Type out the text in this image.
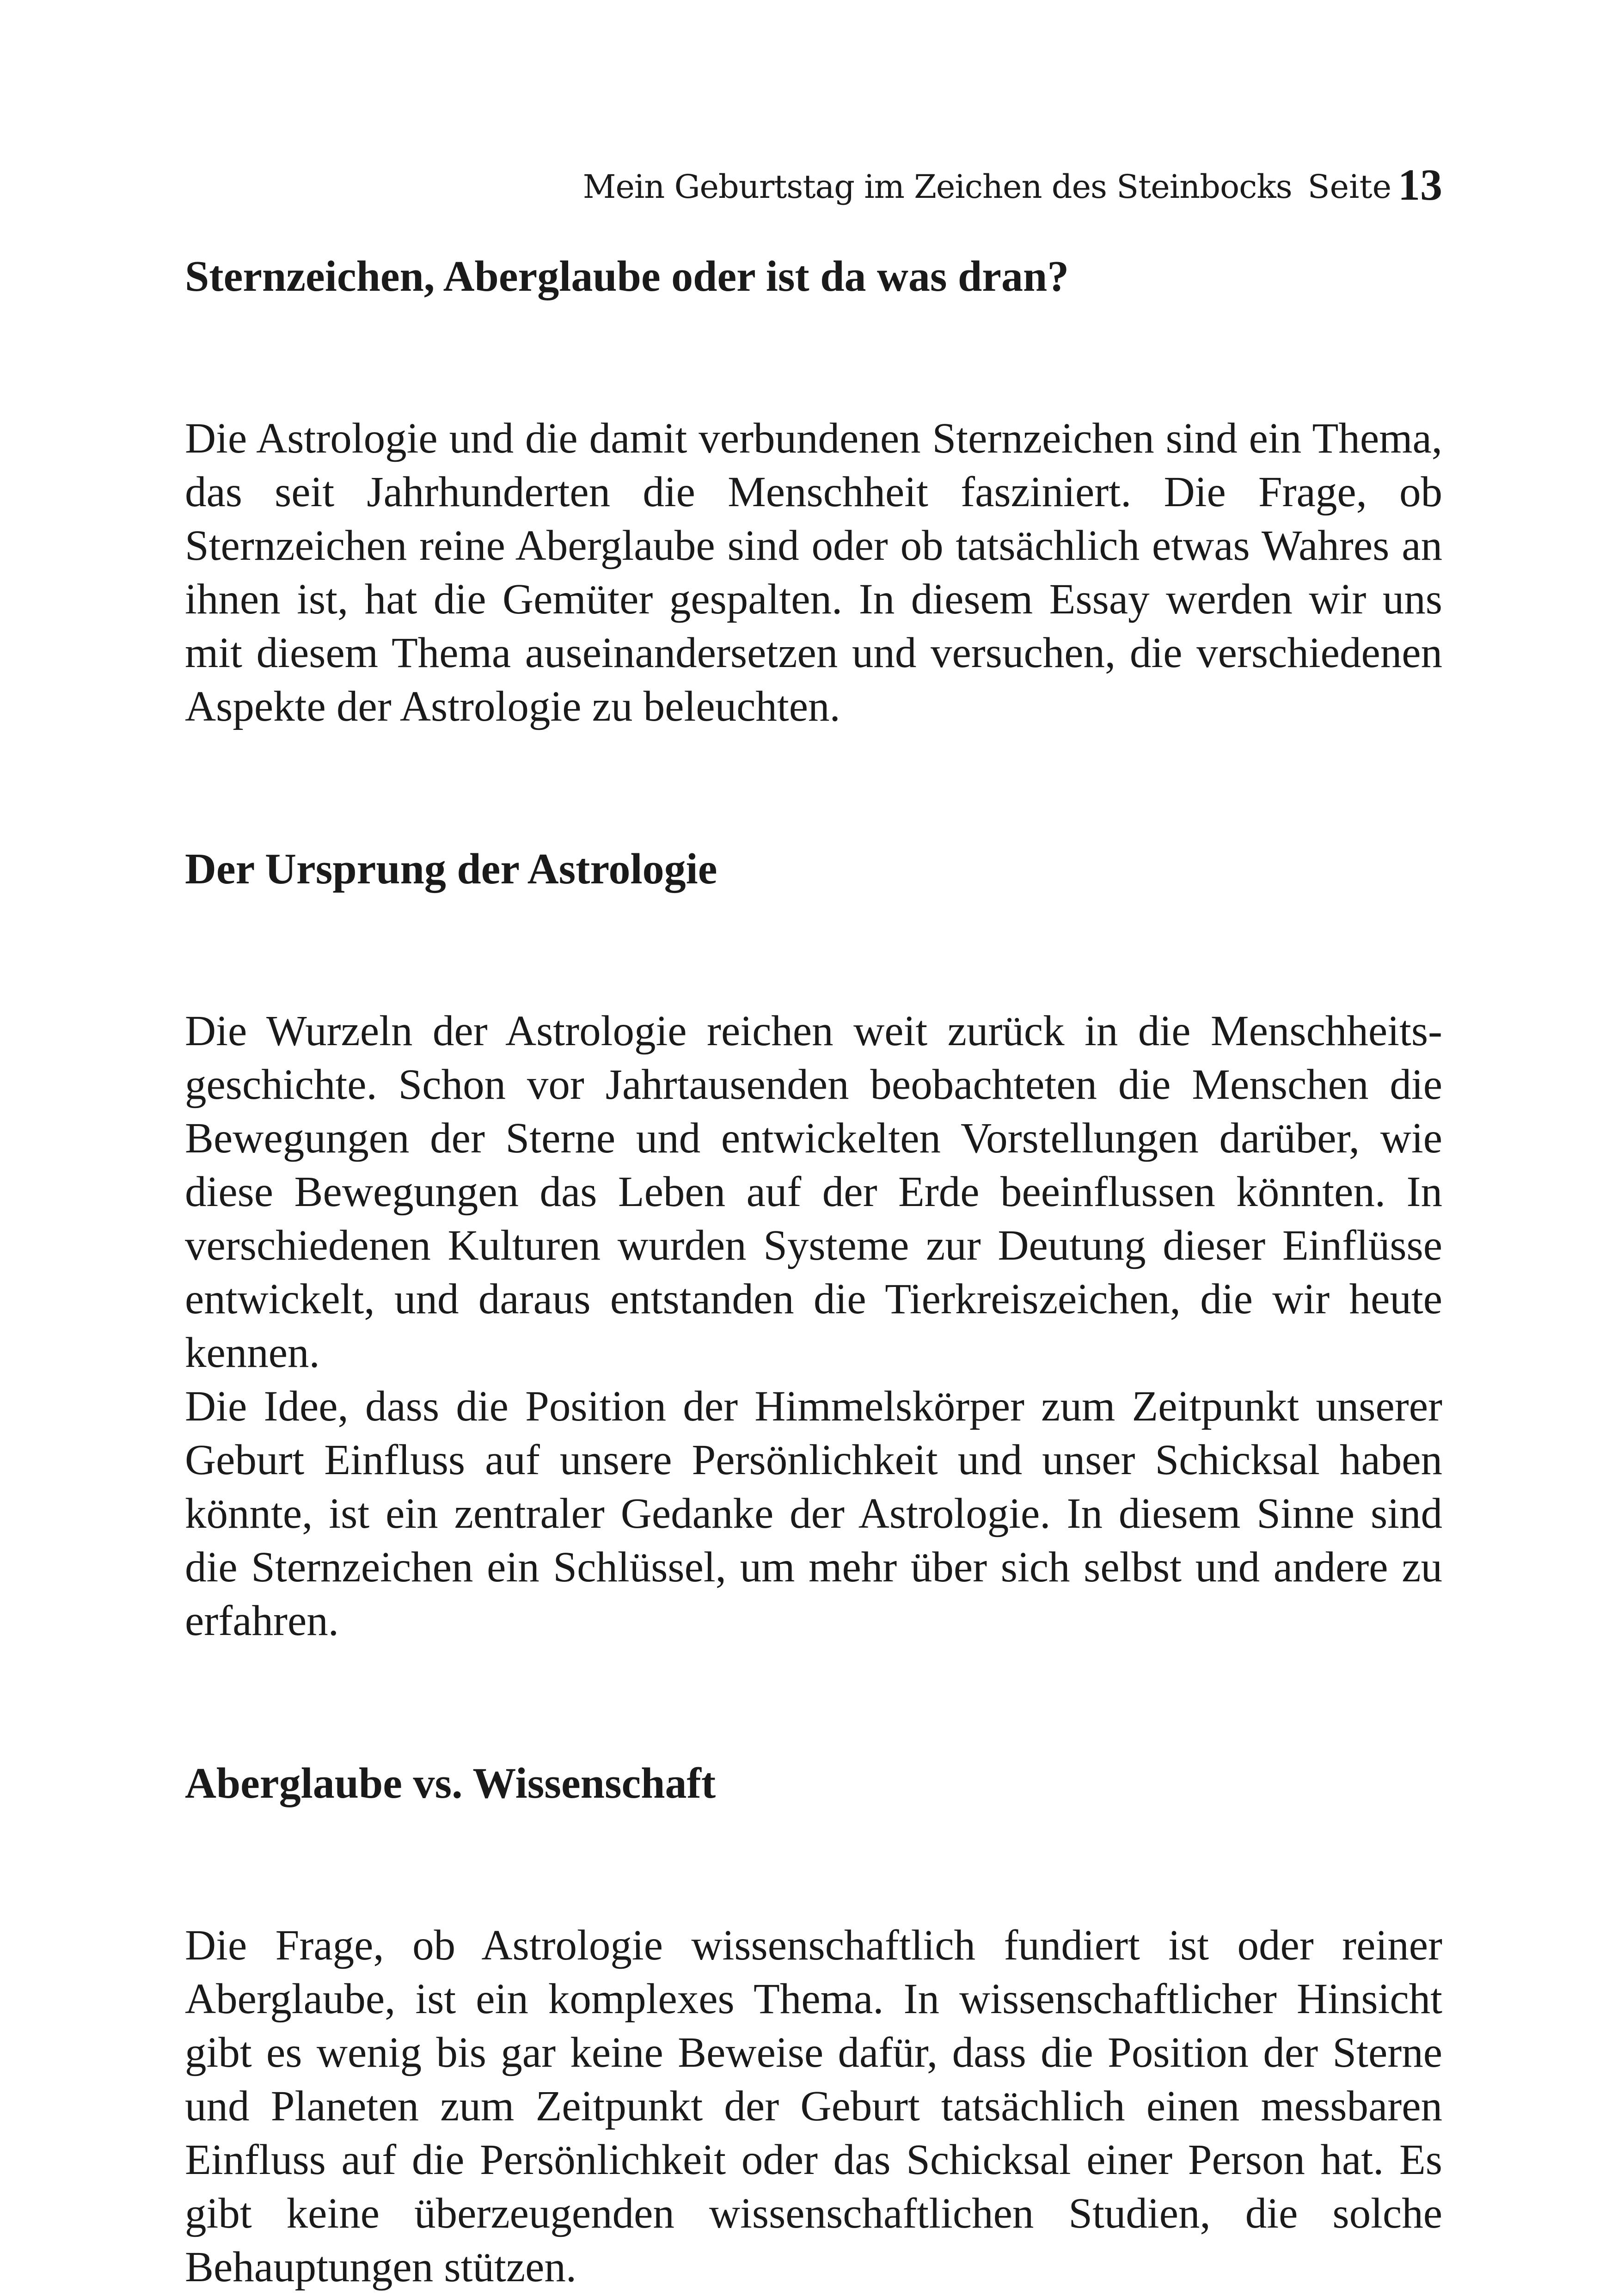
Mein Geburtstag im Zeichen des Steinbocks Seite 13
Sternzeichen, Aberglaube oder ist da was dran?

Die Astrologie und die damit verbundenen Sternzeichen sind ein Thema, das seit Jahrhunderten die Menschheit fasziniert. Die Frage, ob Sternzeichen reine Aberglaube sind oder ob tatsächlich etwas Wahres an ihnen ist, hat die Gemüter gespalten. In diesem Essay werden wir uns mit diesem Thema auseinandersetzen und versuchen, die verschiedenen Aspekte der Astrologie zu beleuchten.

Der Ursprung der Astrologie

Die Wurzeln der Astrologie reichen weit zurück in die Menschheitsgeschichte. Schon vor Jahrtausenden beobachteten die Menschen die Bewegungen der Sterne und entwickelten Vorstellungen darüber, wie diese Bewegungen das Leben auf der Erde beeinflussen könnten. In verschiedenen Kulturen wurden Systeme zur Deutung dieser Einflüsse entwickelt, und daraus entstanden die Tierkreiszeichen, die wir heute kennen.

Die Idee, dass die Position der Himmelskörper zum Zeitpunkt unserer Geburt Einfluss auf unsere Persönlichkeit und unser Schicksal haben könnte, ist ein zentraler Gedanke der Astrologie. In diesem Sinne sind die Sternzeichen ein Schlüssel, um mehr über sich selbst und andere zu erfahren.

Aberglaube vs. Wissenschaft

Die Frage, ob Astrologie wissenschaftlich fundiert ist oder reiner Aberglaube, ist ein komplexes Thema. In wissenschaftlicher Hinsicht gibt es wenig bis gar keine Beweise dafür, dass die Position der Sterne und Planeten zum Zeitpunkt der Geburt tatsächlich einen messbaren Einfluss auf die Persönlichkeit oder das Schicksal einer Person hat. Es gibt keine überzeugenden wissenschaftlichen Studien, die solche Behauptungen stützen.
